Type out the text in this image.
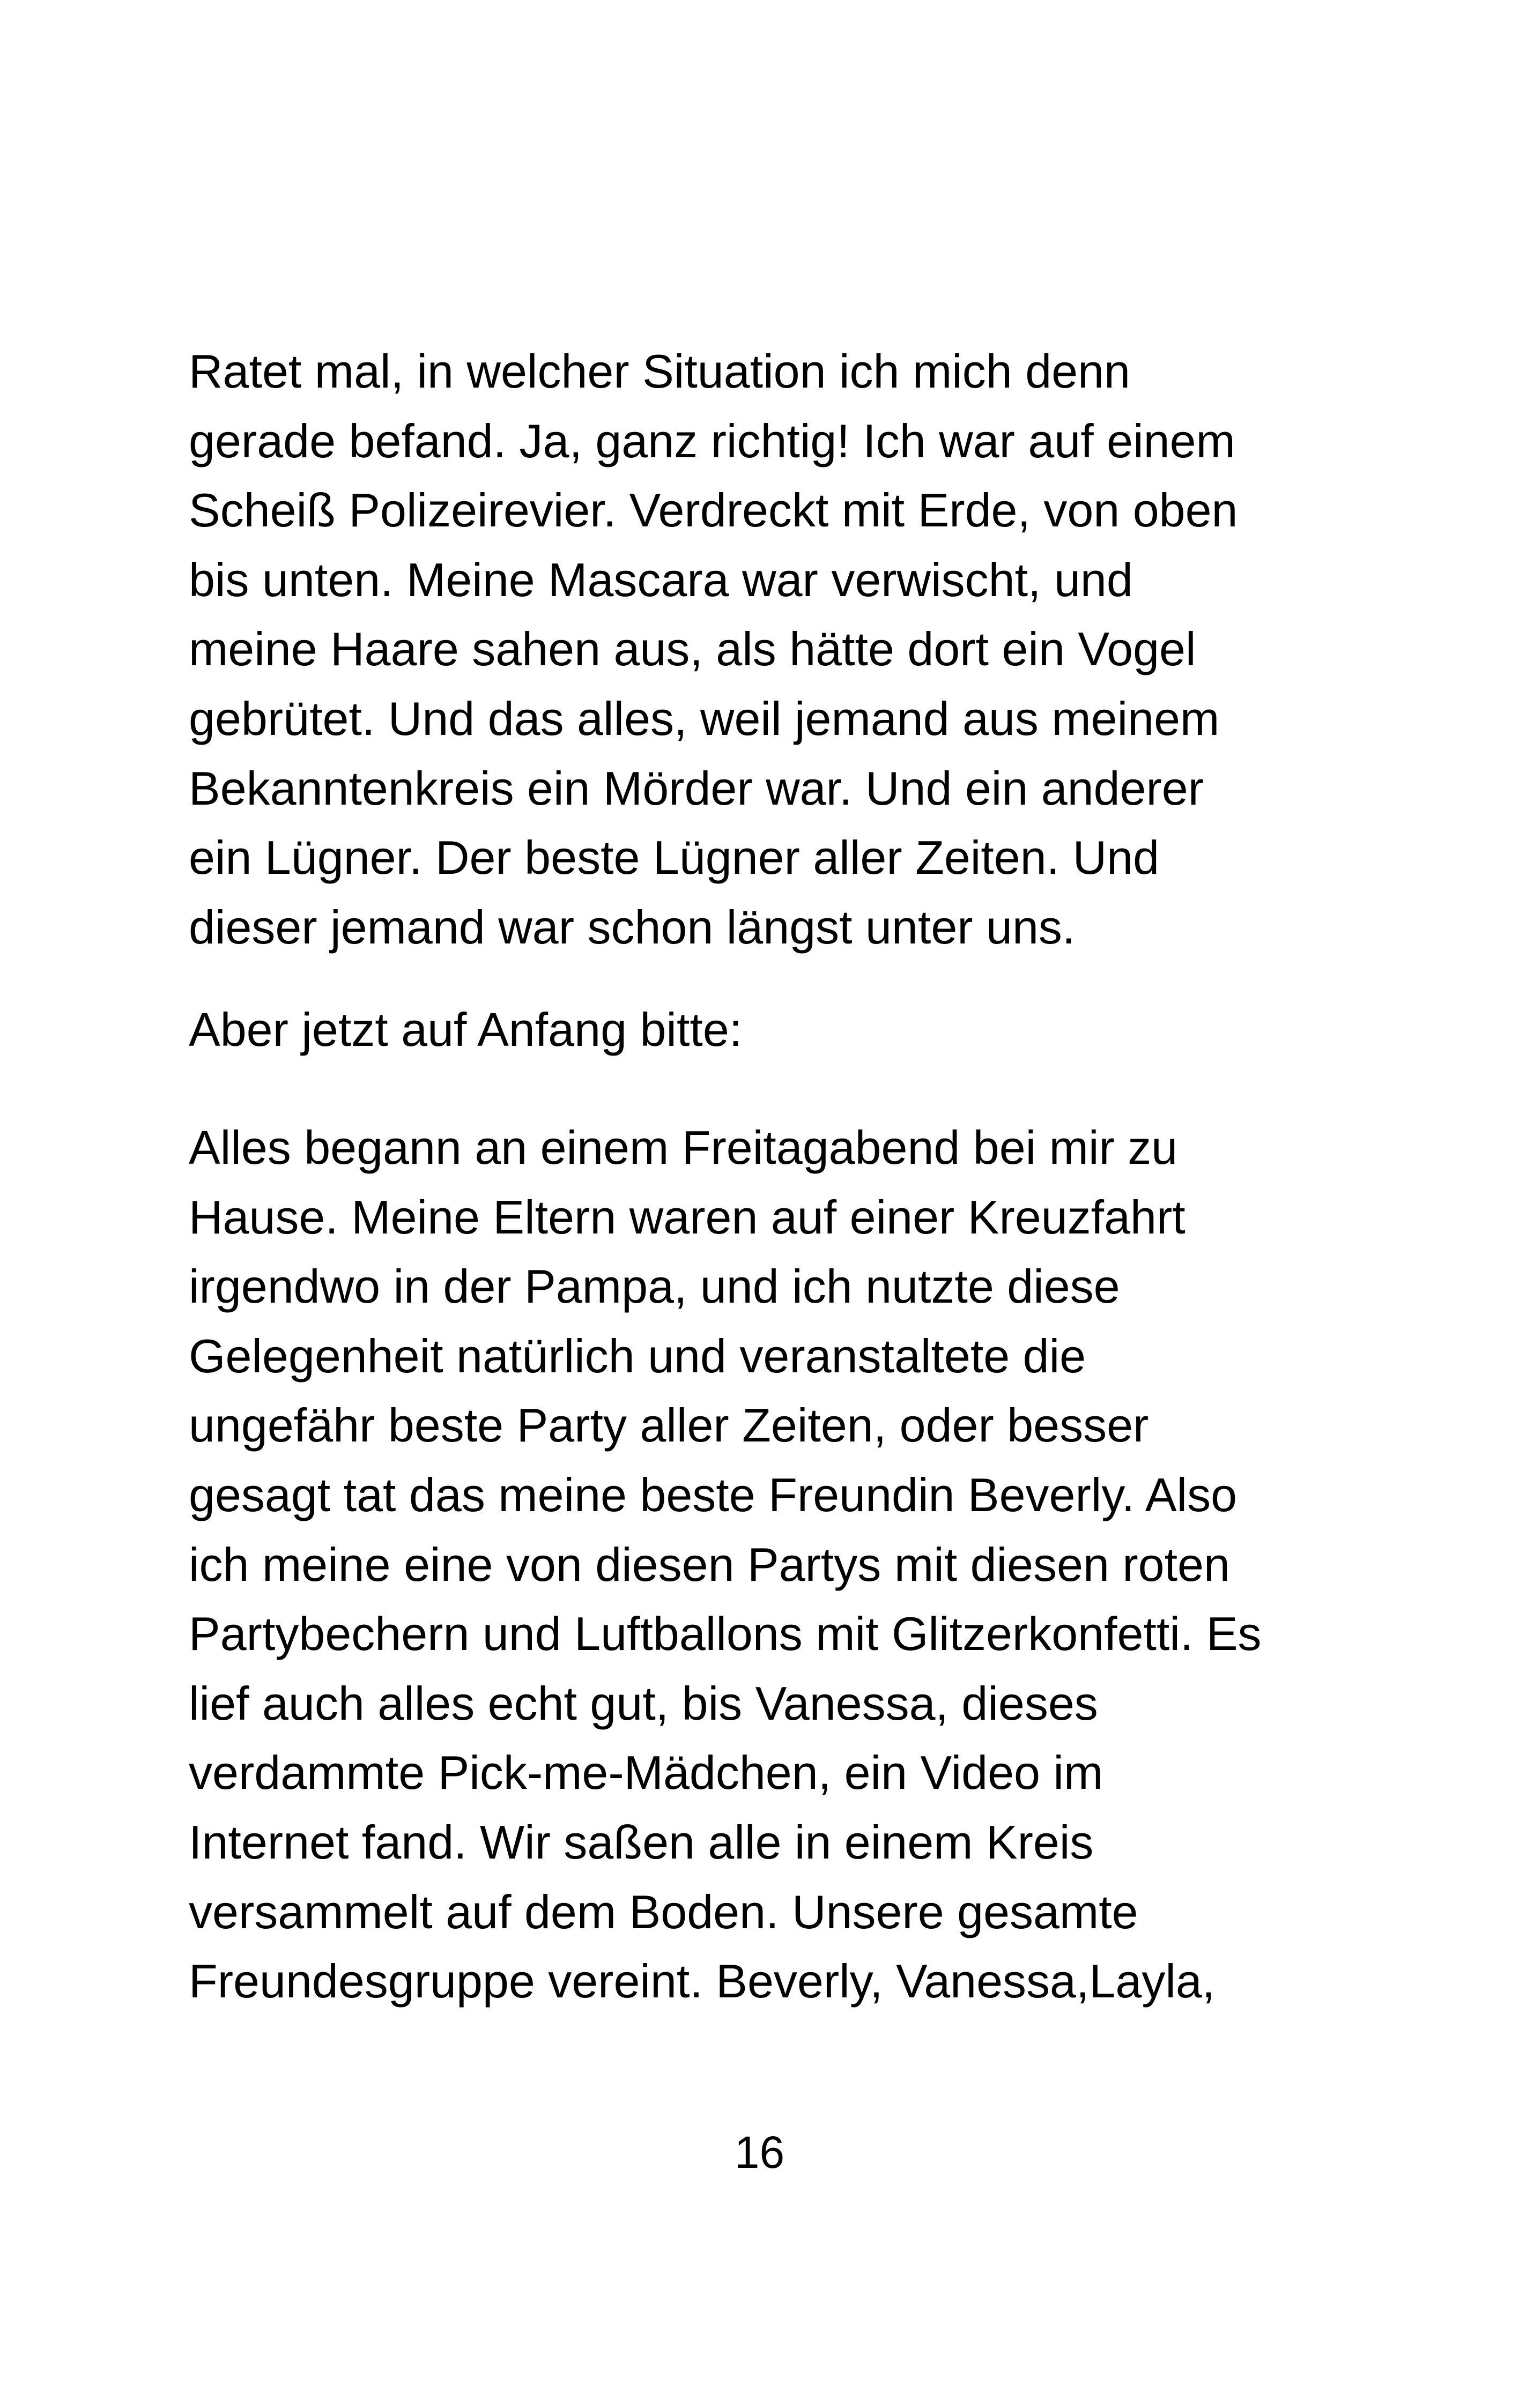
Ratet mal, in welcher Situation ich mich denn
gerade befand. Ja, ganz richtig! Ich war auf einem
Scheiß Polizeirevier. Verdreckt mit Erde, von oben
bis unten. Meine Mascara war verwischt, und
meine Haare sahen aus, als hätte dort ein Vogel
gebrütet. Und das alles, weil jemand aus meinem
Bekanntenkreis ein Mörder war. Und ein anderer
ein Lügner. Der beste Lügner aller Zeiten. Und
dieser jemand war schon längst unter uns.
Aber jetzt auf Anfang bitte:
Alles begann an einem Freitagabend bei mir zu
Hause. Meine Eltern waren auf einer Kreuzfahrt
irgendwo in der Pampa, und ich nutzte diese
Gelegenheit natürlich und veranstaltete die
ungefähr beste Party aller Zeiten, oder besser
gesagt tat das meine beste Freundin Beverly. Also
ich meine eine von diesen Partys mit diesen roten
Partybechern und Luftballons mit Glitzerkonfetti. Es
lief auch alles echt gut, bis Vanessa, dieses
verdammte Pick-me-Mädchen, ein Video im
Internet fand. Wir saßen alle in einem Kreis
versammelt auf dem Boden. Unsere gesamte
Freundesgruppe vereint. Beverly, Vanessa,Layla,
16
